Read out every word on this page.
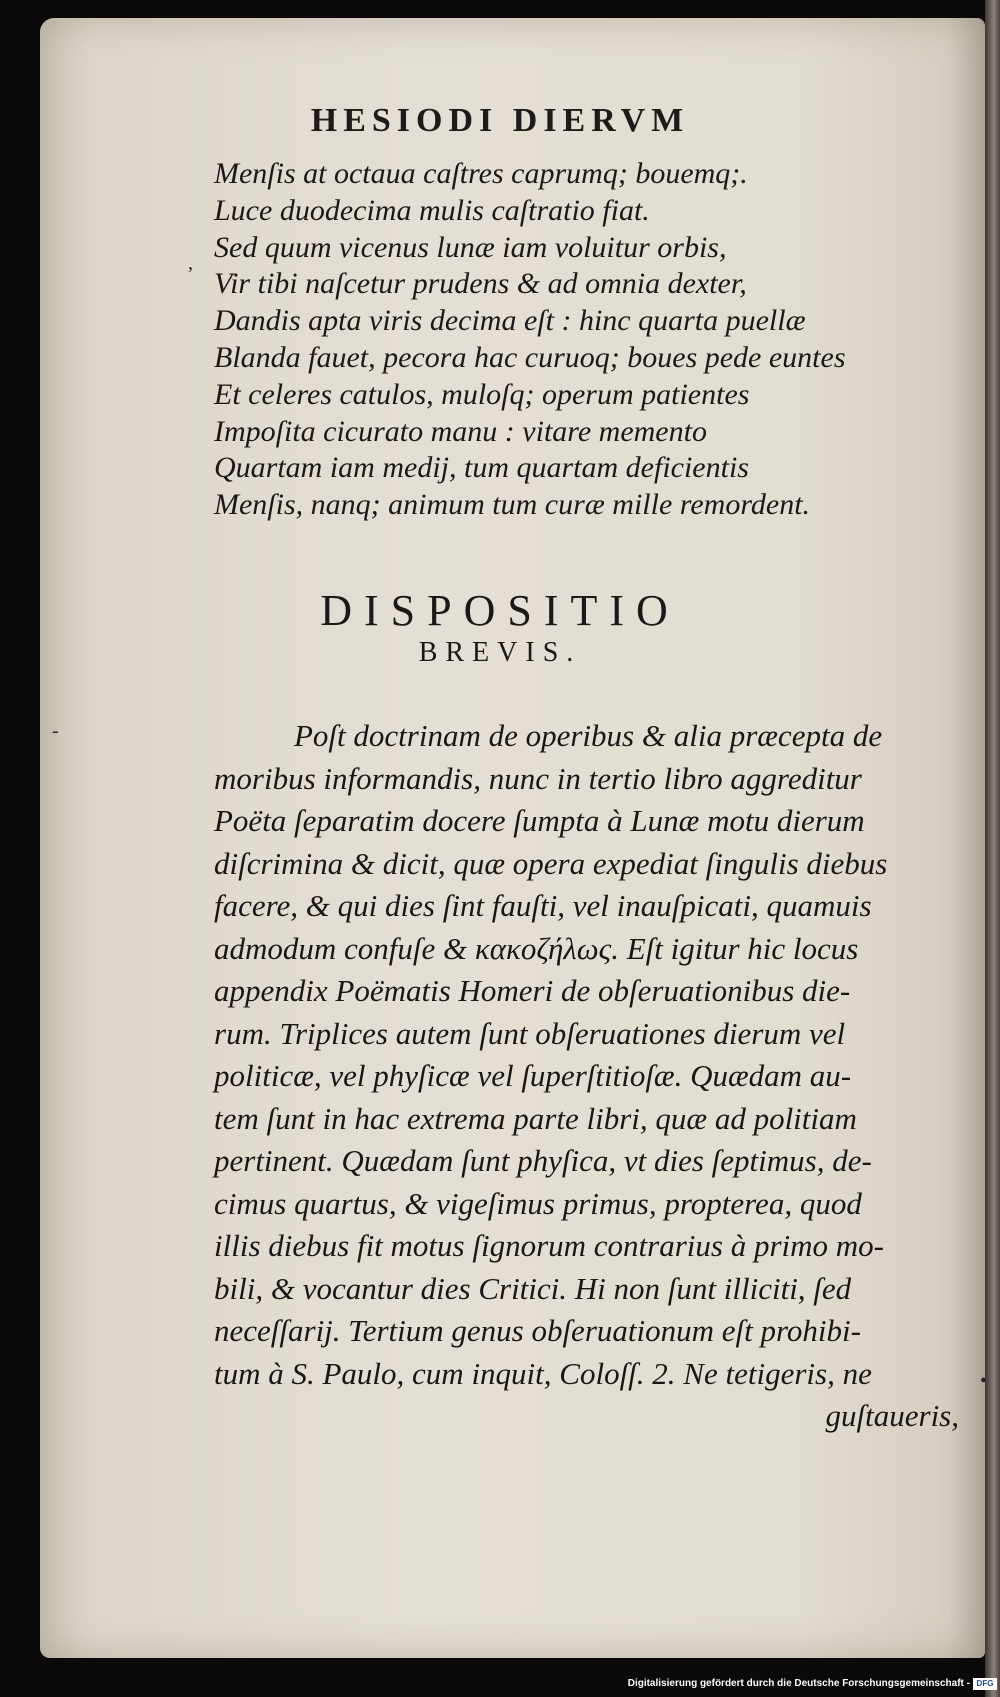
HESIODI DIERVM
Menſis at octaua caſtres caprumq; bouemq;.
Luce duodecima mulis caſtratio fiat.
Sed quum vicenus lunæ iam voluitur orbis,
Vir tibi naſcetur prudens & ad omnia dexter,
Dandis apta viris decima eſt : hinc quarta puellæ
Blanda fauet, pecora hac curuoq; boues pede euntes
Et celeres catulos, muloſq; operum patientes
Impoſita cicurato manu : vitare memento
Quartam iam medij, tum quartam deficientis
Menſis, nanq; animum tum curæ mille remordent.
,
DISPOSITIO
BREVIS.
Poſt doctrinam de operibus & alia præcepta de
moribus informandis, nunc in tertio libro aggreditur
Poëta ſeparatim docere ſumpta à Lunæ motu dierum
diſcrimina & dicit, quæ opera expediat ſingulis diebus
facere, & qui dies ſint fauſti, vel inauſpicati, quamuis
admodum confuſe & κακοζήλως. Eſt igitur hic locus
appendix Poëmatis Homeri de obſeruationibus die-
rum. Triplices autem ſunt obſeruationes dierum vel
politicæ, vel phyſicæ vel ſuperſtitioſæ. Quædam au-
tem ſunt in hac extrema parte libri, quæ ad politiam
pertinent. Quædam ſunt phyſica, vt dies ſeptimus, de-
cimus quartus, & vigeſimus primus, propterea, quod
illis diebus fit motus ſignorum contrarius à primo mo-
bili, & vocantur dies Critici. Hi non ſunt illiciti, ſed
neceſſarij. Tertium genus obſeruationum eſt prohibi-
tum à S. Paulo, cum inquit, Coloſſ. 2. Ne tetigeris, ne
guſtaueris,
-
•
Digitalisierung gefördert durch die Deutsche Forschungsgemeinschaft - DFG
